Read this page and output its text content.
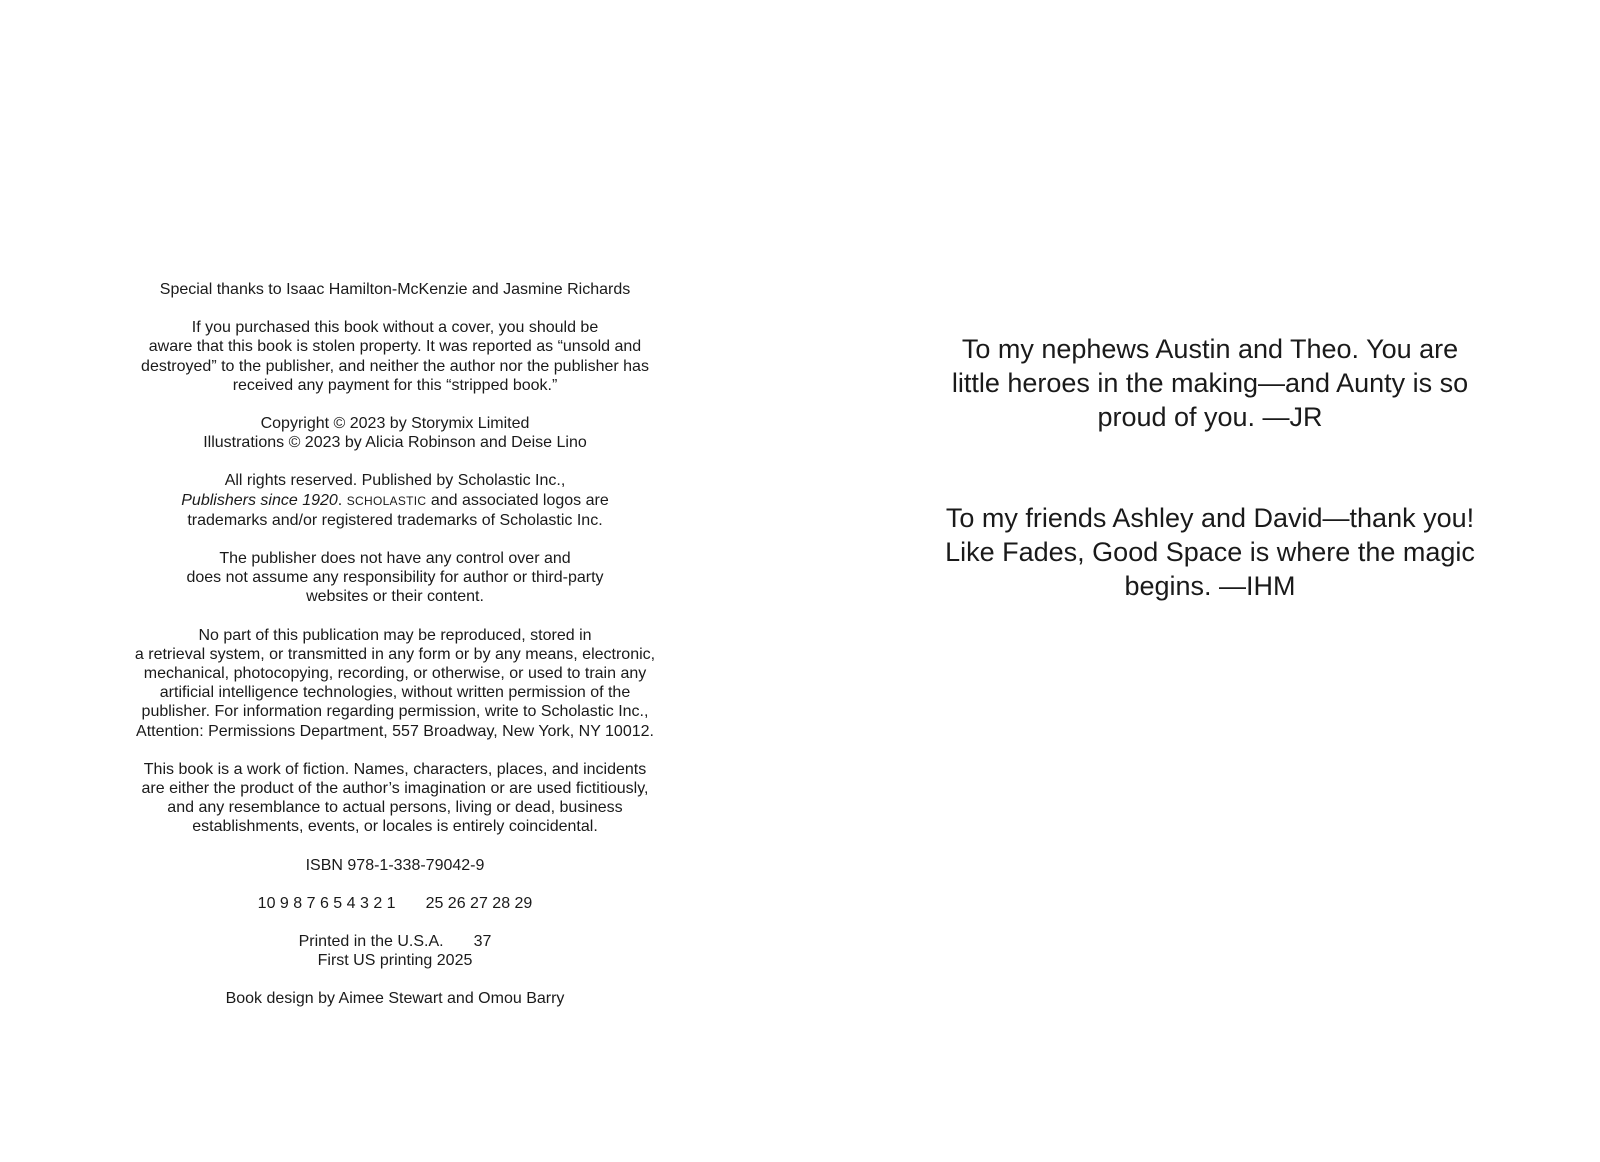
Special thanks to Isaac Hamilton-McKenzie and Jasmine Richards

If you purchased this book without a cover, you should be
aware that this book is stolen property. It was reported as “unsold and
destroyed” to the publisher, and neither the author nor the publisher has
received any payment for this “stripped book.”

Copyright © 2023 by Storymix Limited
Illustrations © 2023 by Alicia Robinson and Deise Lino

All rights reserved. Published by Scholastic Inc.,
Publishers since 1920. SCHOLASTIC and associated logos are
trademarks and/or registered trademarks of Scholastic Inc.

The publisher does not have any control over and
does not assume any responsibility for author or third-party
websites or their content.

No part of this publication may be reproduced, stored in
a retrieval system, or transmitted in any form or by any means, electronic,
mechanical, photocopying, recording, or otherwise, or used to train any
artificial intelligence technologies, without written permission of the
publisher. For information regarding permission, write to Scholastic Inc.,
Attention: Permissions Department, 557 Broadway, New York, NY 10012.

This book is a work of fiction. Names, characters, places, and incidents
are either the product of the author’s imagination or are used fictitiously,
and any resemblance to actual persons, living or dead, business
establishments, events, or locales is entirely coincidental.

ISBN 978-1-338-79042-9

10 9 8 7 6 5 4 3 2 1 25 26 27 28 29

Printed in the U.S.A. 37
First US printing 2025

Book design by Aimee Stewart and Omou Barry

To my nephews Austin and Theo. You are
little heroes in the making—and Aunty is so
proud of you. —JR

To my friends Ashley and David—thank you!
Like Fades, Good Space is where the magic
begins. —IHM
